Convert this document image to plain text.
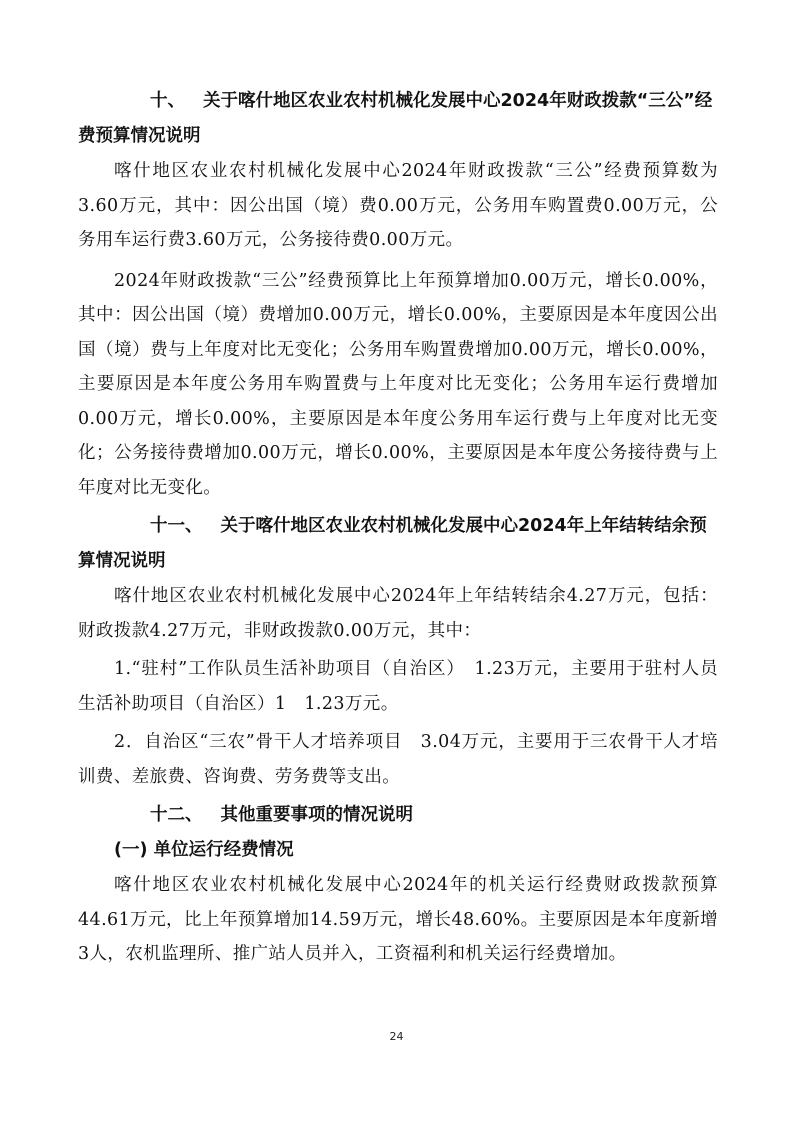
十、 关于喀什地区农业农村机械化发展中心2024年财政拨款“三公”经费预算情况说明

喀什地区农业农村机械化发展中心2024年财政拨款“三公”经费预算数为3.60万元，其中：因公出国（境）费0.00万元，公务用车购置费0.00万元，公务用车运行费3.60万元，公务接待费0.00万元。

2024年财政拨款“三公”经费预算比上年预算增加0.00万元，增长0.00%，其中：因公出国（境）费增加0.00万元，增长0.00%，主要原因是本年度因公出国（境）费与上年度对比无变化；公务用车购置费增加0.00万元，增长0.00%，主要原因是本年度公务用车购置费与上年度对比无变化；公务用车运行费增加0.00万元，增长0.00%，主要原因是本年度公务用车运行费与上年度对比无变化；公务接待费增加0.00万元，增长0.00%，主要原因是本年度公务接待费与上年度对比无变化。

十一、 关于喀什地区农业农村机械化发展中心2024年上年结转结余预算情况说明

喀什地区农业农村机械化发展中心2024年上年结转结余4.27万元，包括：财政拨款4.27万元，非财政拨款0.00万元，其中：

1.“驻村”工作队员生活补助项目（自治区）　1.23万元，主要用于驻村人员生活补助项目（自治区）1　1.23万元。

2．自治区“三农”骨干人才培养项目　3.04万元，主要用于三农骨干人才培训费、差旅费、咨询费、劳务费等支出。

十二、 其他重要事项的情况说明
(一) 单位运行经费情况

喀什地区农业农村机械化发展中心2024年的机关运行经费财政拨款预算44.61万元，比上年预算增加14.59万元，增长48.60%。主要原因是本年度新增3人，农机监理所、推广站人员并入，工资福利和机关运行经费增加。

24
